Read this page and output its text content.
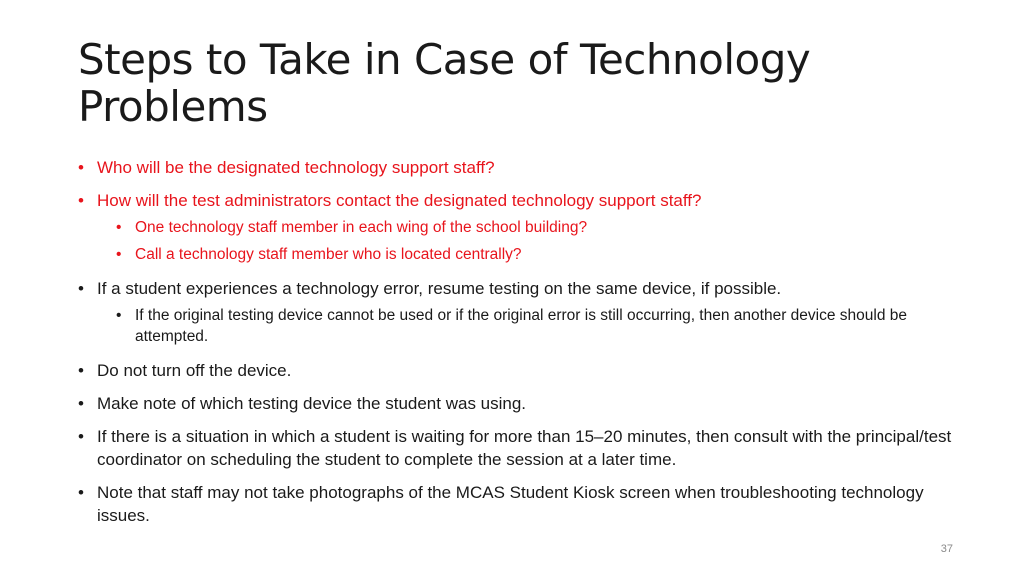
Steps to Take in Case of Technology Problems
• Who will be the designated technology support staff?
• How will the test administrators contact the designated technology support staff?
• One technology staff member in each wing of the school building?
• Call a technology staff member who is located centrally?
• If a student experiences a technology error, resume testing on the same device, if possible.
• If the original testing device cannot be used or if the original error is still occurring, then another device should be attempted.
• Do not turn off the device.
• Make note of which testing device the student was using.
• If there is a situation in which a student is waiting for more than 15–20 minutes, then consult with the principal/test coordinator on scheduling the student to complete the session at a later time.
• Note that staff may not take photographs of the MCAS Student Kiosk screen when troubleshooting technology issues.
37
